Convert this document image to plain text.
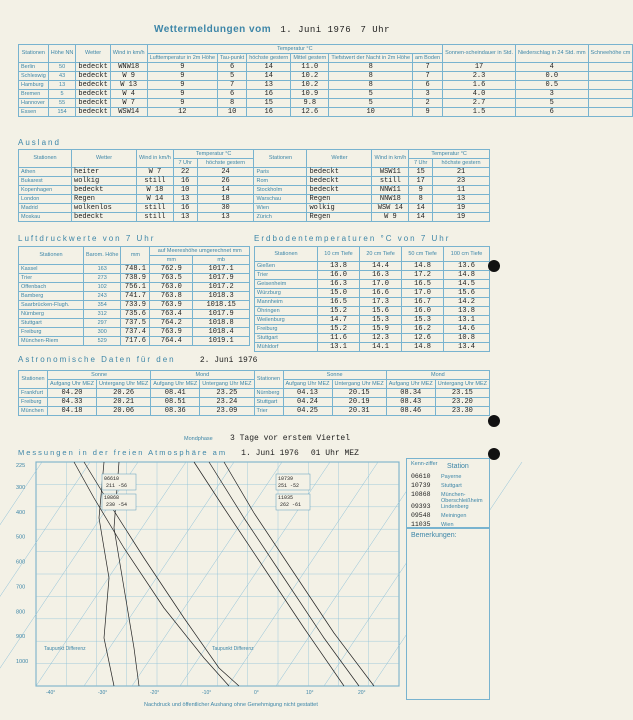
Wettermeldungen vom 1. Juni 1976 7 Uhr
Stationen	Höhe NN	Wetter	Wind in km/h	Temperatur °C						Sonnen-scheindauer in Std.	Niederschlag in 24 Std. mm	Schneehöhe cm
				Lufttemperatur in 2m Höhe	Tau-punkt	höchste gestern	Mittel gestern	Tiefstwert der Nacht in 2m Höhe	am Boden			
Berlin	50	bedeckt	WNW18	9	6	14	11.0	8	7	17	4	
Schleswig	43	bedeckt	W 9	9	5	14	10.2	8	7	2.3	0.0	
Hamburg	13	bedeckt	W 13	9	7	13	10.2	8	6	1.6	0.5	
Bremen	5	bedeckt	W 4	9	6	16	10.9	5	3	4.0	3	
Hannover	55	bedeckt	W 7	9	8	15	9.8	5	2	2.7	5	
Essen	154	bedeckt	WSW14	12	10	16	12.6	10	9	1.5	6	
Ausland
Stationen	Wetter	Wind in km/h	Temperatur °C		Stationen	Wetter	Wind in km/h	Temperatur °C	
			7 Uhr	höchste gestern				7 Uhr	höchste gestern
Athen	heiter	W 7	22	24	Paris	bedeckt	WSW11	15	21
Bukarest	wolkig	still	16	26	Rom	bedeckt	still	17	23
Kopenhagen	bedeckt	W 18	10	14	Stockholm	bedeckt	NNW11	9	11
London	Regen	W 14	13	18	Warschau	Regen	NNW18	8	13
Madrid	wolkenlos	still	16	30	Wien	wolkig	WSW 14	14	19
Moskau	bedeckt	still	13	13	Zürich	Regen	W 9	14	19
Luftdruckwerte von 7 Uhr	Erdbodentemperaturen °C von 7 Uhr
Stationen	Barom. Höhe	mm	auf Meereshöhe umgerechnet mm	
			mm	mb
Kassel	163	748.1	762.9	1017.1
Trier	273	738.9	763.5	1017.9
Offenbach	102	756.1	763.0	1017.2
Bamberg	243	741.7	763.8	1018.3
Saarbrücken-Flugh.	354	733.9	763.9	1018.15
Nürnberg	312	735.6	763.4	1017.9
Stuttgart	297	737.5	764.2	1018.8
Freiburg	300	737.4	763.9	1018.4
München-Riem	529	717.6	764.4	1019.1
Stationen	10 cm Tiefe	20 cm Tiefe	50 cm Tiefe	100 cm Tiefe
Gießen	13.8	14.4	14.8	13.6
Trier	16.0	16.3	17.2	14.8
Geisenheim	16.3	17.0	16.5	14.5
Würzburg	15.0	16.6	17.0	15.6
Mannheim	16.5	17.3	16.7	14.2
Öhringen	15.2	15.6	16.0	13.8
Weilenburg	14.7	15.3	15.3	13.1
Freiburg	15.2	15.9	16.2	14.6
Stuttgart	11.6	12.3	12.6	10.8
Mühldorf	13.1	14.1	14.8	13.4
Astronomische Daten für den	2. Juni 1976
Stationen	Sonne		Mond		Stationen	Sonne		Mond	
	Aufgang Uhr MEZ	Untergang Uhr MEZ	Aufgang Uhr MEZ	Untergang Uhr MEZ		Aufgang Uhr MEZ	Untergang Uhr MEZ	Aufgang Uhr MEZ	Untergang Uhr MEZ
Frankfurt	04.20	20.26	08.41	23.25	Nürnberg	04.13	20.15	08.34	23.15
Freiburg	04.33	20.21	08.51	23.24	Stuttgart	04.24	20.19	08.43	23.20
München	04.18	20.06	08.36	23.09	Trier	04.25	20.31	08.46	23.30
Mondphase 3 Tage vor erstem Viertel
Messungen in der freien Atmosphäre am 1. Juni 1976 01 Uhr MEZ
300
400
500
600
700
800
900
1000
225
-40°	-30°	-20°	-10°	0°	10°	20°
06610
211 -56
10868
230 -54
10739
251 -52
11035
262 -61
Taupunkt Differenz	Taupunkt Differenz
Kenn-ziffer Station
06610 Payerne
10739 Stuttgart
10868 München-Oberschleißheim
09393 Lindenberg
09548 Meiningen
11035 Wien
Bemerkungen:
Nachdruck und öffentlicher Aushang ohne Genehmigung nicht gestattet
